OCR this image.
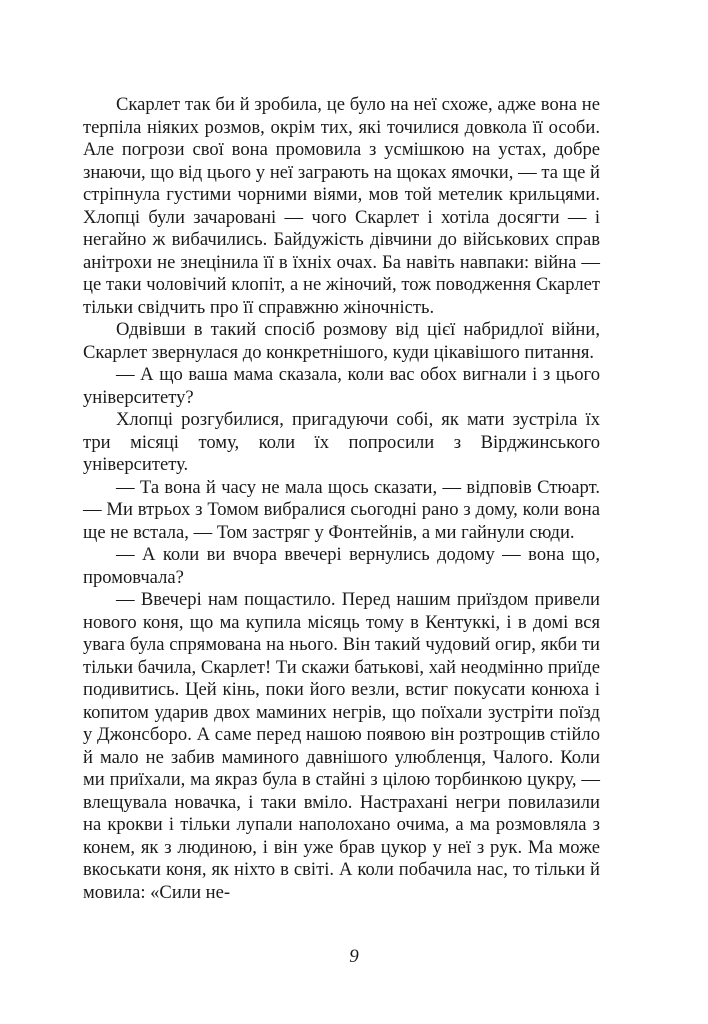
Скарлет так би й зробила, це було на неї схоже, адже вона не терпіла ніяких розмов, окрім тих, які точилися довкола її особи. Але погрози свої вона промовила з усмішкою на устах, добре знаючи, що від цього у неї заграють на щоках ямочки, — та ще й стріпнула густими чорними віями, мов той метелик крильцями. Хлопці були зачаровані — чого Скарлет і хотіла досягти — і негайно ж вибачились. Байдужість дівчини до військових справ анітрохи не знецінила її в їхніх очах. Ба навіть навпаки: війна — це таки чоловічий клопіт, а не жіночий, тож поводження Скарлет тільки свідчить про її справжню жіночність.

Одвівши в такий спосіб розмову від цієї набридлої війни, Скарлет звернулася до конкретнішого, куди цікавішого питання.

— А що ваша мама сказала, коли вас обох вигнали і з цього університету?

Хлопці розгубилися, пригадуючи собі, як мати зустріла їх три місяці тому, коли їх попросили з Вірджинського університету.

— Та вона й часу не мала щось сказати, — відповів Стюарт. — Ми втрьох з Томом вибралися сьогодні рано з дому, коли вона ще не встала, — Том застряг у Фонтейнів, а ми гайнули сюди.

— А коли ви вчора ввечері вернулись додому — вона що, промовчала?

— Ввечері нам пощастило. Перед нашим приїздом привели нового коня, що ма купила місяць тому в Кентуккі, і в домі вся увага була спрямована на нього. Він такий чудовий огир, якби ти тільки бачила, Скарлет! Ти скажи батькові, хай неодмінно приїде подивитись. Цей кінь, поки його везли, встиг покусати конюха і копитом ударив двох маминих негрів, що поїхали зустріти поїзд у Джонсборо. А саме перед нашою появою він розтрощив стійло й мало не забив маминого давнішого улюбленця, Чалого. Коли ми приїхали, ма якраз була в стайні з цілою торбинкою цукру, — влещувала новачка, і таки вміло. Настрахані негри повилазили на крокви і тільки лупали наполохано очима, а ма розмовляла з конем, як з людиною, і він уже брав цукор у неї з рук. Ма може вкоськати коня, як ніхто в світі. А коли побачила нас, то тільки й мовила: «Сили не-

9
